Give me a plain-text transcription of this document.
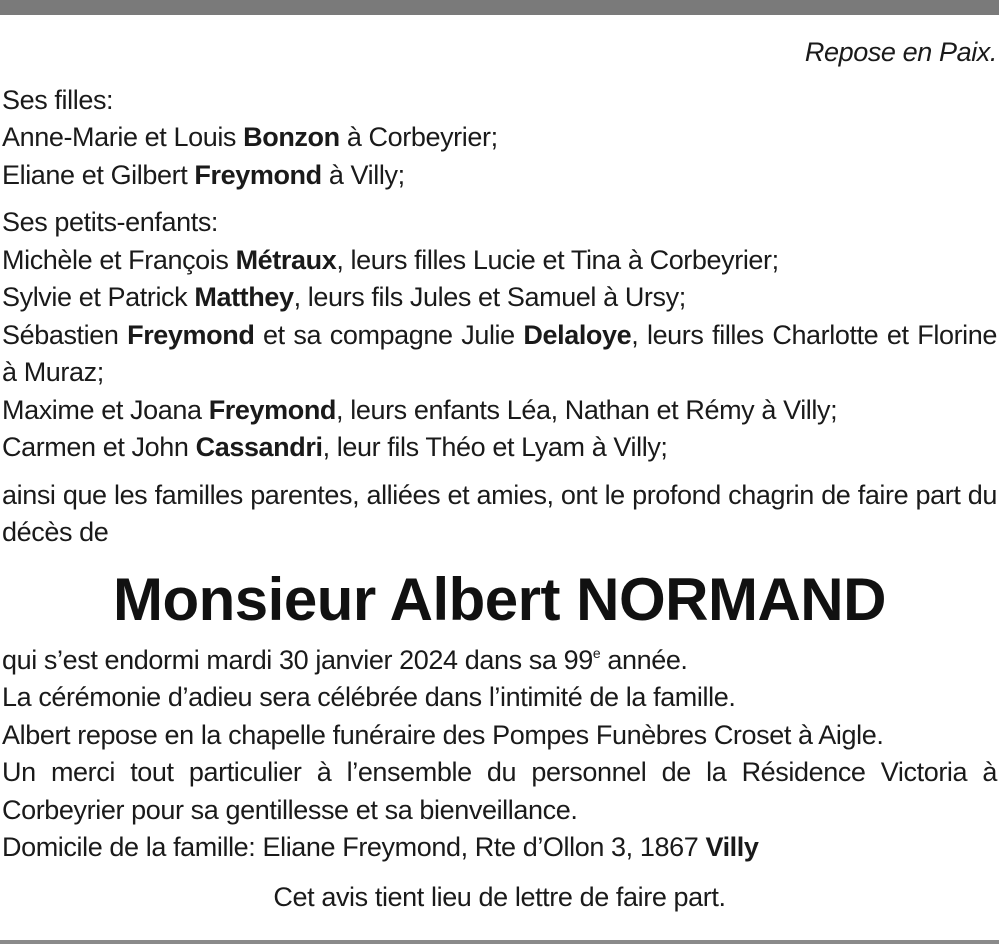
Repose en Paix.
Ses filles:
Anne-Marie et Louis Bonzon à Corbeyrier;
Eliane et Gilbert Freymond à Villy;
Ses petits-enfants:
Michèle et François Métraux, leurs filles Lucie et Tina à Corbeyrier;
Sylvie et Patrick Matthey, leurs fils Jules et Samuel à Ursy;
Sébastien Freymond et sa compagne Julie Delaloye, leurs filles Charlotte et Florine à Muraz;
Maxime et Joana Freymond, leurs enfants Léa, Nathan et Rémy à Villy;
Carmen et John Cassandri, leur fils Théo et Lyam à Villy;
ainsi que les familles parentes, alliées et amies, ont le profond chagrin de faire part du décès de
Monsieur Albert NORMAND
qui s’est endormi mardi 30 janvier 2024 dans sa 99e année.
La cérémonie d’adieu sera célébrée dans l’intimité de la famille.
Albert repose en la chapelle funéraire des Pompes Funèbres Croset à Aigle.
Un merci tout particulier à l’ensemble du personnel de la Résidence Victoria à Corbeyrier pour sa gentillesse et sa bienveillance.
Domicile de la famille: Eliane Freymond, Rte d’Ollon 3, 1867 Villy
Cet avis tient lieu de lettre de faire part.
